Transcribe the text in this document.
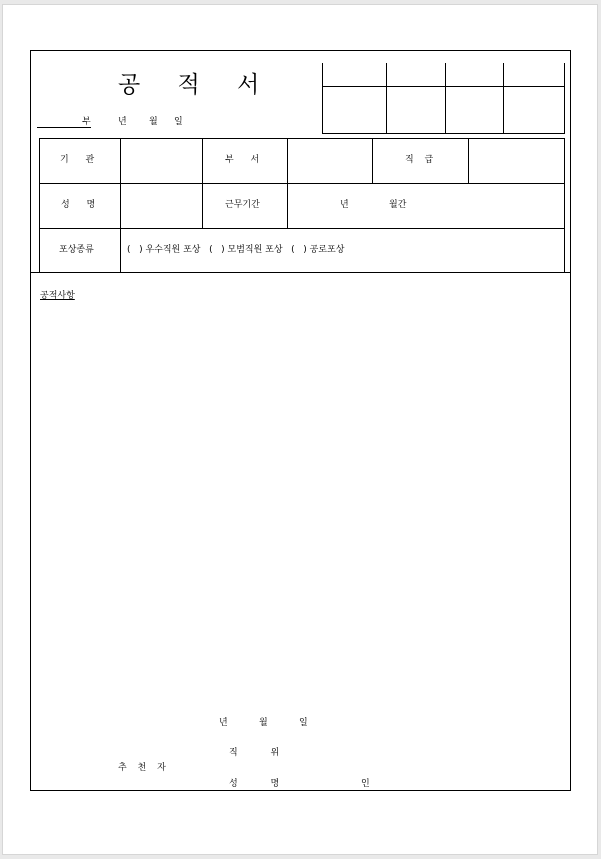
공 적 서
부	년 월 일
기 관	부 서	직 급
성 명	근무기간	년	월간
포상종류	(   ) 우수직원 포상   (   ) 모범직원 포상   (   ) 공로포상
공적사항
년	월	일
직 위
추 천 자
성 명	인
